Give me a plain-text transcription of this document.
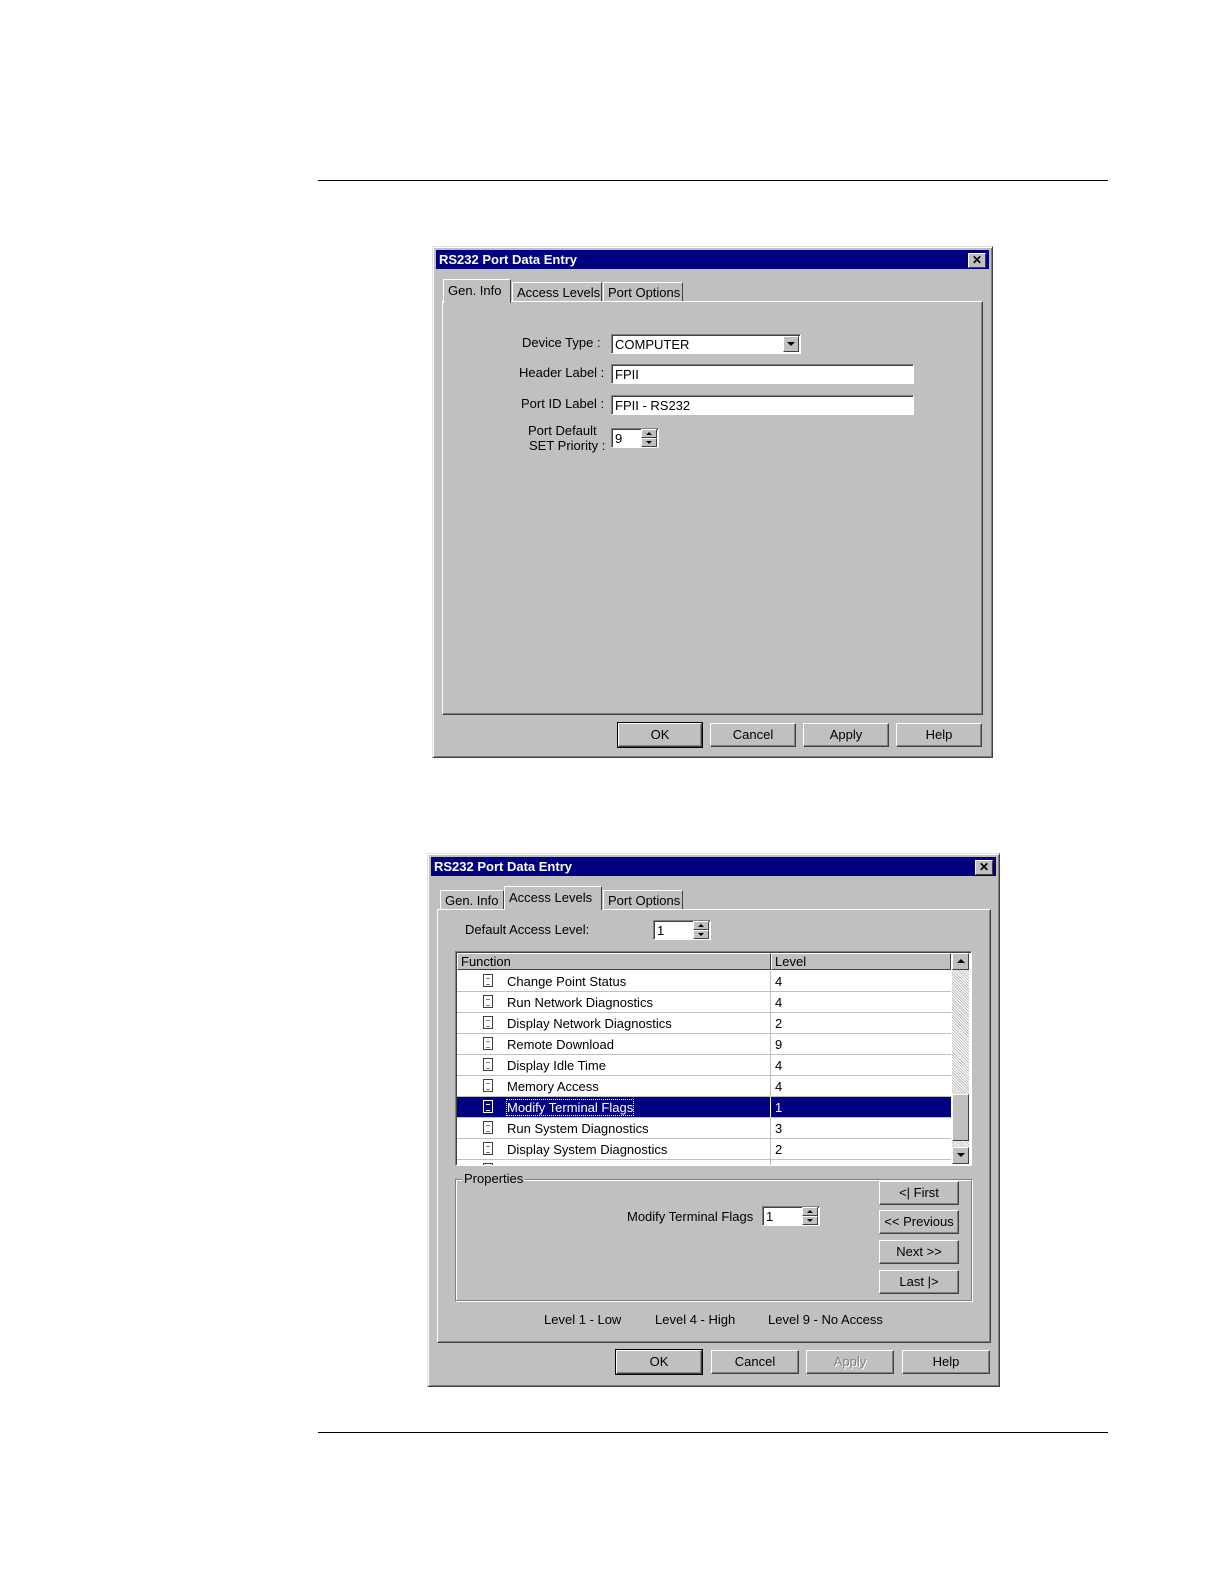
RS232 Port Data Entry	✕
Gen. Info	Access Levels Port Options
Device Type :	COMPUTER
Header Label : FPII
Port ID Label : FPII - RS232
Port Default
SET Priority : 9
OK	Cancel	Apply	Help
RS232 Port Data Entry	✕
Gen. Info Access Levels	Port Options
Default Access Level:	1
Function	Level
Change Point Status	4
Run Network Diagnostics	4
Display Network Diagnostics	2
Remote Download	9
Display Idle Time	4
Memory Access	4
Modify Terminal Flags	1
Run System Diagnostics	3
Display System Diagnostics	2
Properties
Modify Terminal Flags 1
<| First
<< Previous
Next >>
Last |>
Level 1 - Low	Level 4 - High	Level 9 - No Access
OK	Cancel	Apply	Help
